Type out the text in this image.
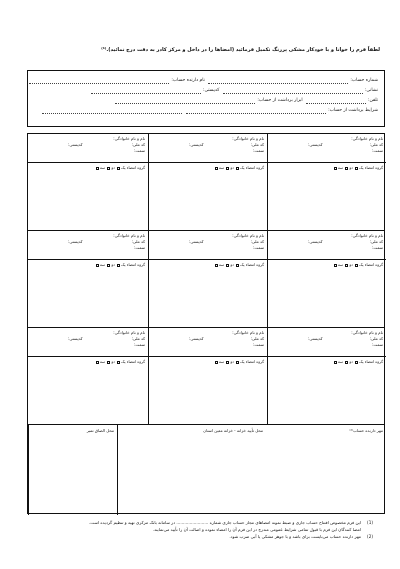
لطفاً فرم را خوانا و با خودکار مشکی پررنگ تکمیل فرمائید (امضاها را در داخل و مرکز کادر به دقت درج نمائید).⁽¹⁾
شماره حساب: نام دارنده حساب:
نشانی: کدپستی:
تلفن: ابزار برداشت از حساب:
شرایط برداشت از حساب:
نام و نام خانوادگی:
کد ملی:
کدپستی:
سمت:
گروه امضاء یک دو سه
نام و نام خانوادگی:
کد ملی:
کدپستی:
سمت:
گروه امضاء یک دو سه
نام و نام خانوادگی:
کد ملی:
کدپستی:
سمت:
گروه امضاء یک دو سه
نام و نام خانوادگی:
کد ملی:
کدپستی:
سمت:
گروه امضاء یک دو سه
نام و نام خانوادگی:
کد ملی:
کدپستی:
سمت:
گروه امضاء یک دو سه
نام و نام خانوادگی:
کد ملی:
کدپستی:
سمت:
گروه امضاء یک دو سه
نام و نام خانوادگی:
کد ملی:
کدپستی:
سمت:
گروه امضاء یک دو سه
نام و نام خانوادگی:
کد ملی:
کدپستی:
سمت:
گروه امضاء یک دو سه
نام و نام خانوادگی:
کد ملی:
کدپستی:
سمت:
گروه امضاء یک دو سه
محل الصاق تمبر	محل تأیید خزانه - خزانه معین استان	مهر دارنده حساب⁽²⁾
(1)
این فرم مخصوص افتتاح حساب جاری و ضبط نمونه امضاهای مجاز حساب جاری شماره ........................ در سامانه بانک مرکزی تهیه و تنظیم گردیده است.
امضا کنندگان این فرم با قبول تمامی شرایط عمومی مندرج در این فرم آن را امضاء نموده و اصالت آن را تأیید می‌نمایند.
(2)
مهر دارنده حساب می‌بایست برای باشد و با جوهر مشکی یا آبی ضرب شود.
